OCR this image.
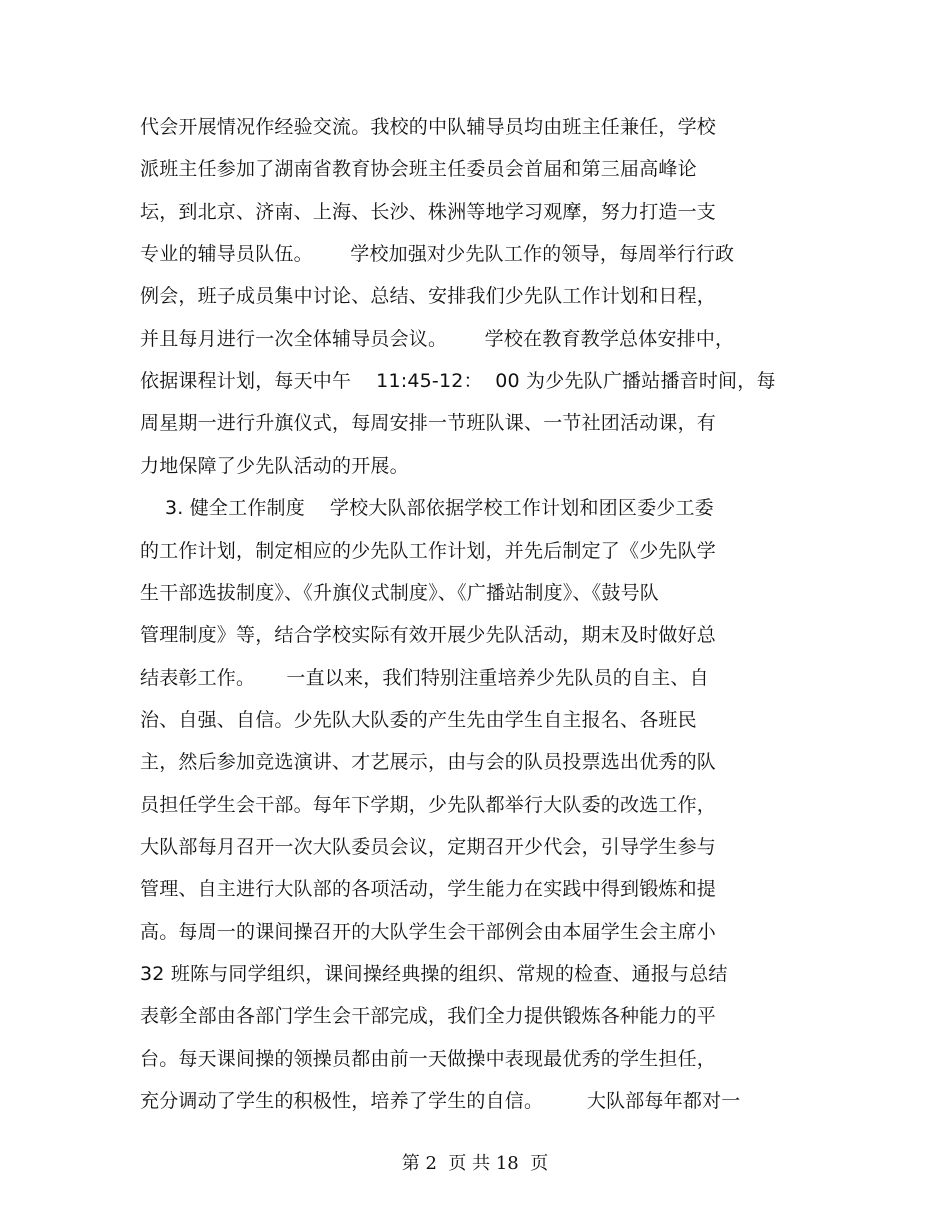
代会开展情况作经验交流。我校的中队辅导员均由班主任兼任，学校
派班主任参加了湖南省教育协会班主任委员会首届和第三届高峰论
坛，到北京、济南、上海、长沙、株洲等地学习观摩，努力打造一支
专业的辅导员队伍。      学校加强对少先队工作的领导，每周举行行政
例会，班子成员集中讨论、总结、安排我们少先队工作计划和日程，
并且每月进行一次全体辅导员会议。      学校在教育教学总体安排中，
依据课程计划，每天中午    11:45-12：  00 为少先队广播站播音时间，每
周星期一进行升旗仪式，每周安排一节班队课、一节社团活动课，有
力地保障了少先队活动的开展。
3. 健全工作制度    学校大队部依据学校工作计划和团区委少工委
的工作计划，制定相应的少先队工作计划，并先后制定了《少先队学
生干部选拔制度》、《升旗仪式制度》、《广播站制度》、《鼓号队
管理制度》等，结合学校实际有效开展少先队活动，期末及时做好总
结表彰工作。     一直以来，我们特别注重培养少先队员的自主、自
治、自强、自信。少先队大队委的产生先由学生自主报名、各班民
主，然后参加竞选演讲、才艺展示，由与会的队员投票选出优秀的队
员担任学生会干部。每年下学期，少先队都举行大队委的改选工作，
大队部每月召开一次大队委员会议，定期召开少代会，引导学生参与
管理、自主进行大队部的各项活动，学生能力在实践中得到锻炼和提
高。每周一的课间操召开的大队学生会干部例会由本届学生会主席小
32 班陈与同学组织，课间操经典操的组织、常规的检查、通报与总结
表彰全部由各部门学生会干部完成，我们全力提供锻炼各种能力的平
台。每天课间操的领操员都由前一天做操中表现最优秀的学生担任，
充分调动了学生的积极性，培养了学生的自信。       大队部每年都对一
第 2  页 共 18  页
